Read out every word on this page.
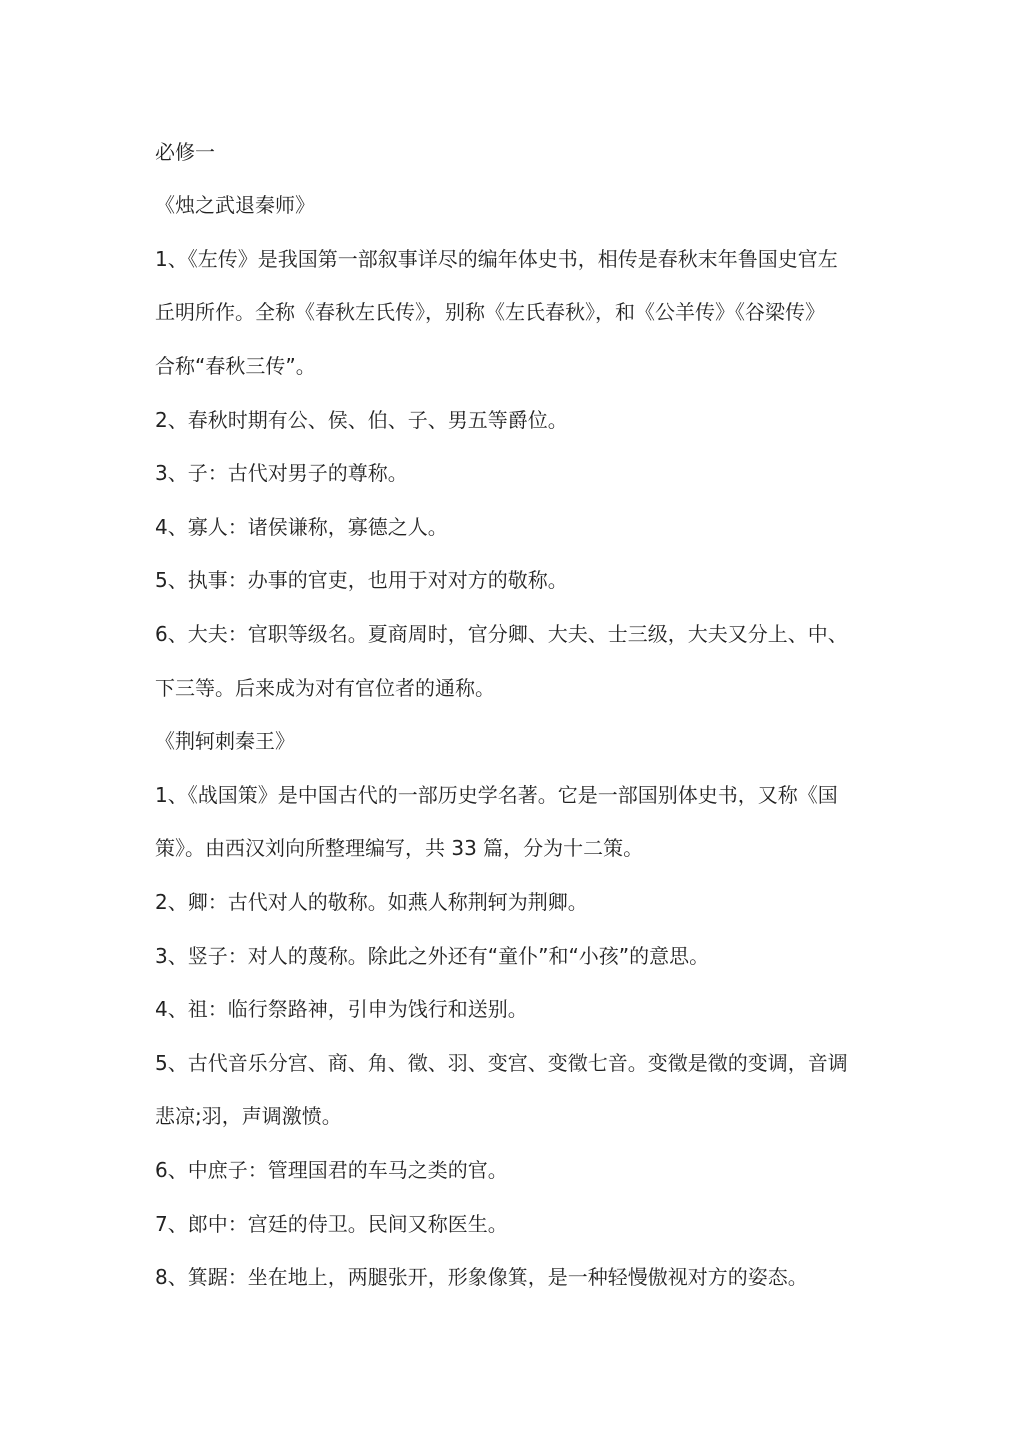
必修一
《烛之武退秦师》
1、《左传》是我国第一部叙事详尽的编年体史书，相传是春秋末年鲁国史官左
丘明所作。全称《春秋左氏传》，别称《左氏春秋》，和《公羊传》《谷梁传》
合称“春秋三传”。
2、春秋时期有公、侯、伯、子、男五等爵位。
3、子：古代对男子的尊称。
4、寡人：诸侯谦称，寡德之人。
5、执事：办事的官吏，也用于对对方的敬称。
6、大夫：官职等级名。夏商周时，官分卿、大夫、士三级，大夫又分上、中、
下三等。后来成为对有官位者的通称。
《荆轲刺秦王》
1、《战国策》是中国古代的一部历史学名著。它是一部国别体史书，又称《国
策》。由西汉刘向所整理编写，共 33 篇，分为十二策。
2、卿：古代对人的敬称。如燕人称荆轲为荆卿。
3、竖子：对人的蔑称。除此之外还有“童仆”和“小孩”的意思。
4、祖：临行祭路神，引申为饯行和送别。
5、古代音乐分宫、商、角、徵、羽、变宫、变徵七音。变徵是徵的变调，音调
悲凉;羽，声调激愤。
6、中庶子：管理国君的车马之类的官。
7、郎中：宫廷的侍卫。民间又称医生。
8、箕踞：坐在地上，两腿张开，形象像箕，是一种轻慢傲视对方的姿态。
